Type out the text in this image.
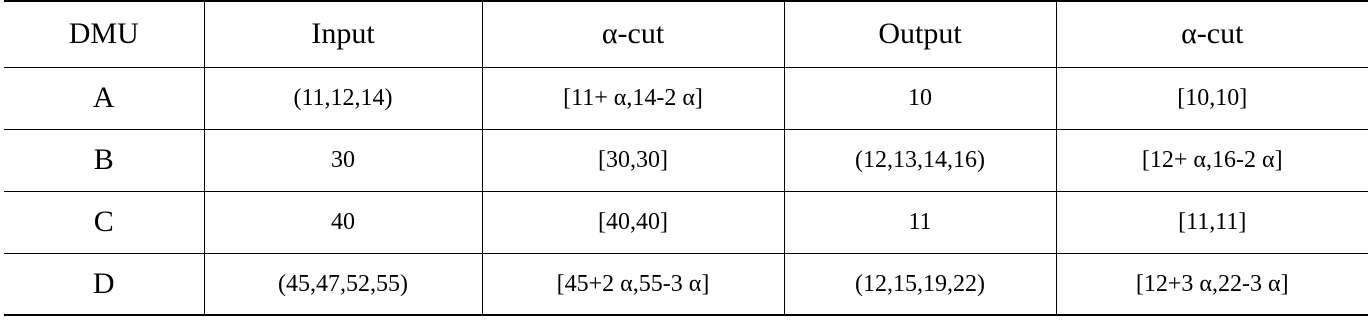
DMU	Input	α-cut	Output	α-cut
A	(11,12,14)	[11+ α,14-2 α]	10	[10,10]
B	30	[30,30]	(12,13,14,16)	[12+ α,16-2 α]
C	40	[40,40]	11	[11,11]
D	(45,47,52,55)	[45+2 α,55-3 α]	(12,15,19,22)	[12+3 α,22-3 α]
